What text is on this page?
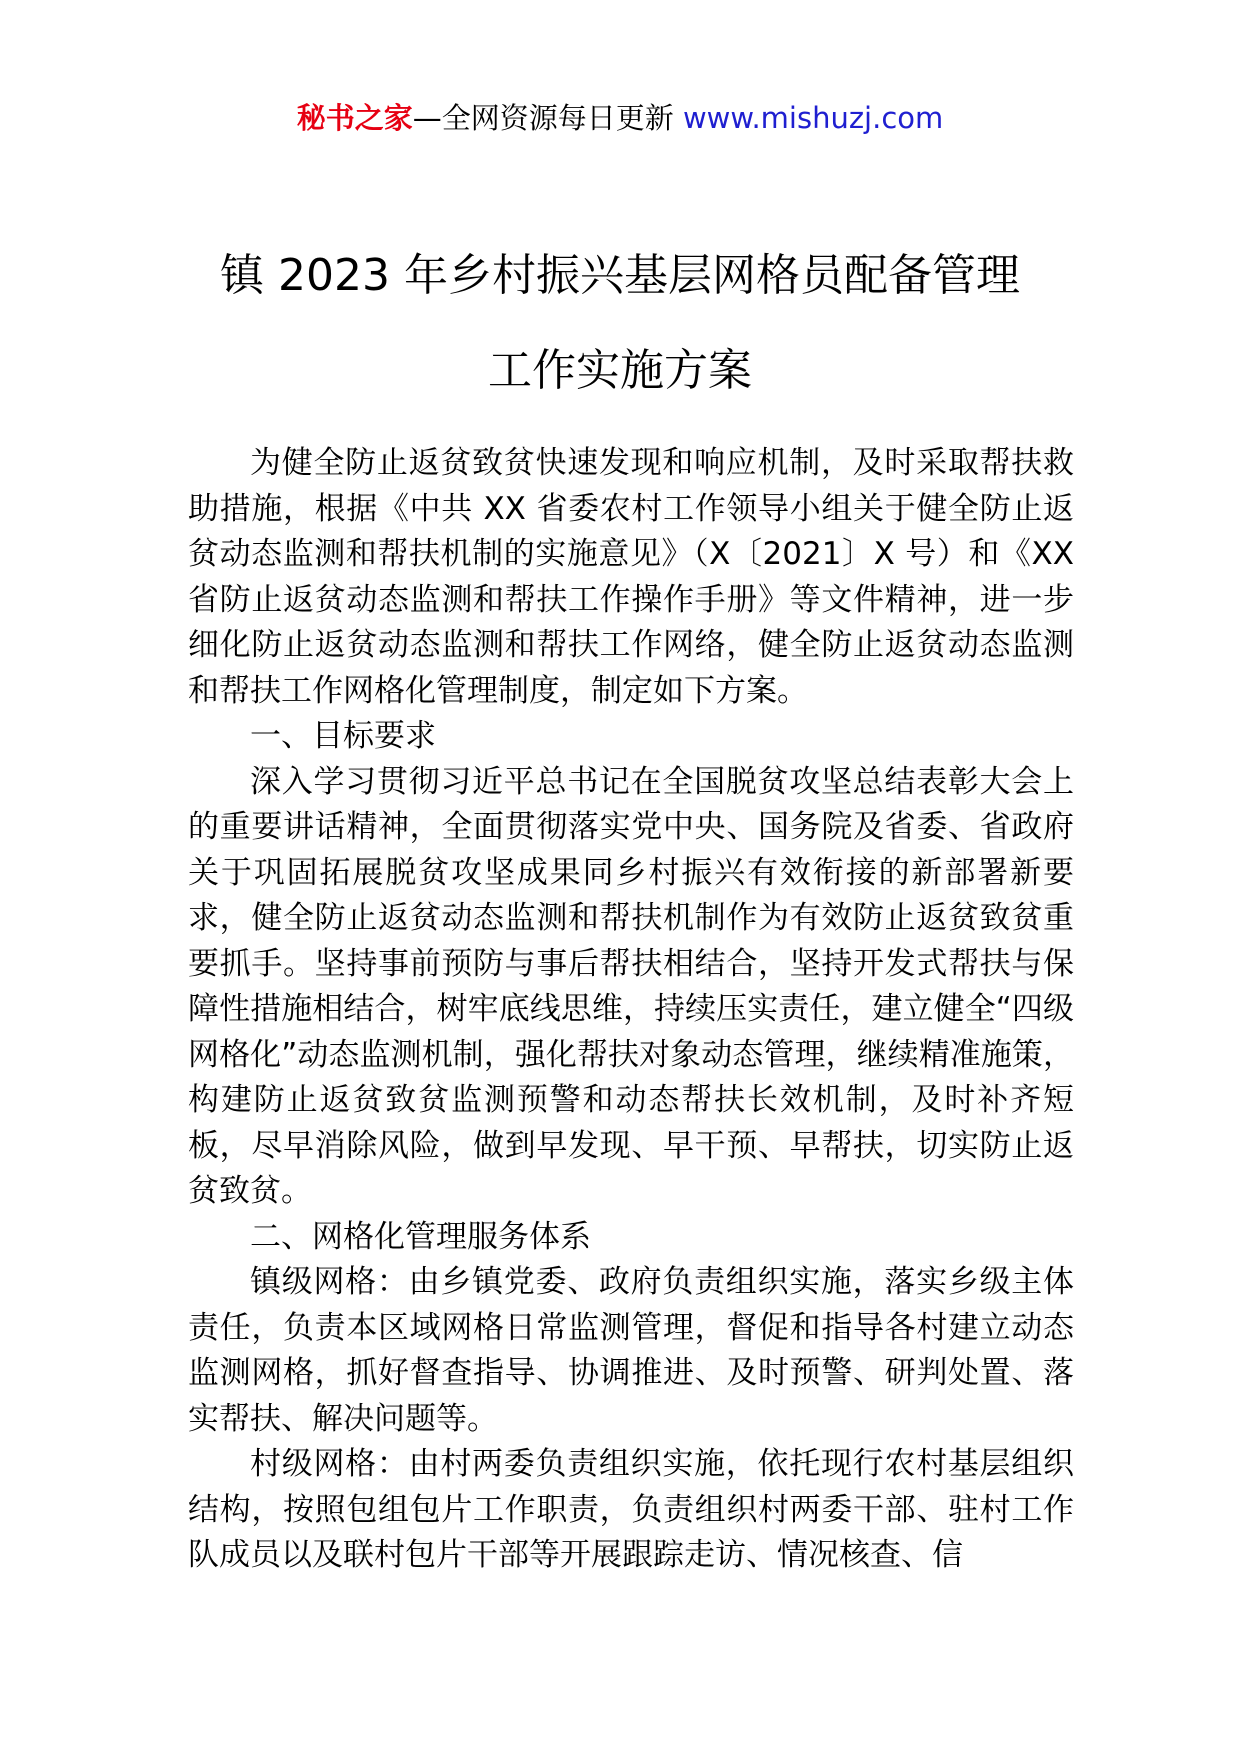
秘书之家—全网资源每日更新 www.mishuzj.com
镇 2023 年乡村振兴基层网格员配备管理
工作实施方案

为健全防止返贫致贫快速发现和响应机制，及时采取帮扶救助措施，根据《中共 XX 省委农村工作领导小组关于健全防止返贫动态监测和帮扶机制的实施意见》（X〔2021〕X 号）和《XX 省防止返贫动态监测和帮扶工作操作手册》等文件精神，进一步细化防止返贫动态监测和帮扶工作网络，健全防止返贫动态监测和帮扶工作网格化管理制度，制定如下方案。

一、目标要求

深入学习贯彻习近平总书记在全国脱贫攻坚总结表彰大会上的重要讲话精神，全面贯彻落实党中央、国务院及省委、省政府关于巩固拓展脱贫攻坚成果同乡村振兴有效衔接的新部署新要求，健全防止返贫动态监测和帮扶机制作为有效防止返贫致贫重要抓手。坚持事前预防与事后帮扶相结合，坚持开发式帮扶与保障性措施相结合，树牢底线思维，持续压实责任，建立健全“四级网格化”动态监测机制，强化帮扶对象动态管理，继续精准施策，构建防止返贫致贫监测预警和动态帮扶长效机制，及时补齐短板，尽早消除风险，做到早发现、早干预、早帮扶，切实防止返贫致贫。

二、网格化管理服务体系

镇级网格：由乡镇党委、政府负责组织实施，落实乡级主体责任，负责本区域网格日常监测管理，督促和指导各村建立动态监测网格，抓好督查指导、协调推进、及时预警、研判处置、落实帮扶、解决问题等。

村级网格：由村两委负责组织实施，依托现行农村基层组织结构，按照包组包片工作职责，负责组织村两委干部、驻村工作队成员以及联村包片干部等开展跟踪走访、情况核查、信
